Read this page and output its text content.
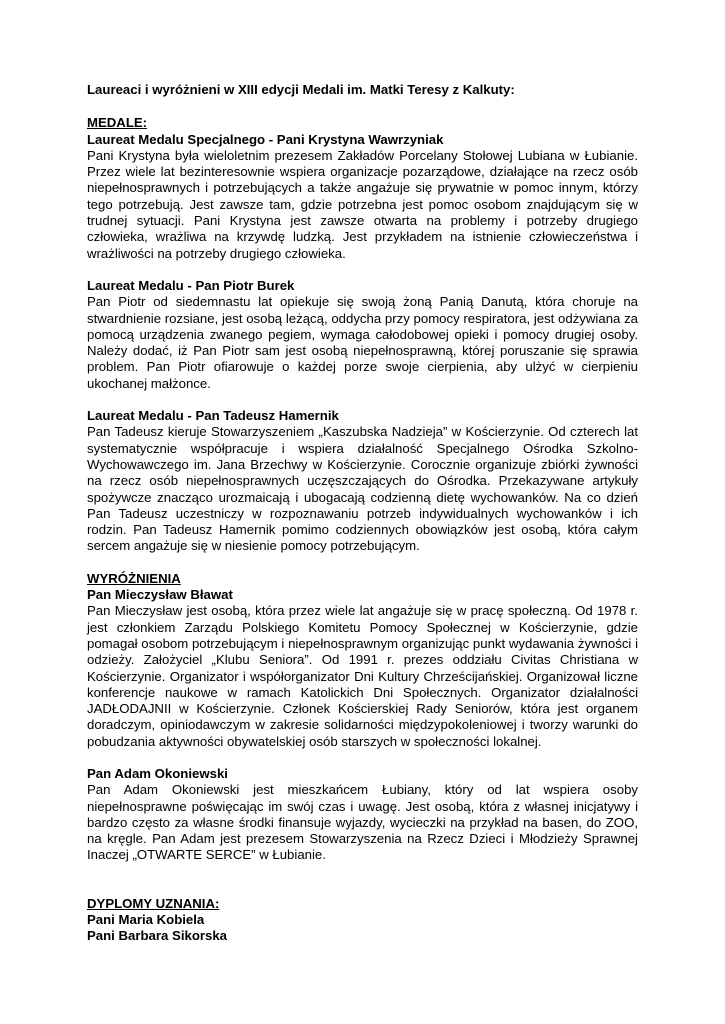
Laureaci i wyróżnieni w XIII edycji Medali im. Matki Teresy z Kalkuty:

MEDALE:

Laureat Medalu Specjalnego - Pani Krystyna Wawrzyniak

Pani Krystyna była wieloletnim prezesem Zakładów Porcelany Stołowej Lubiana w Łubianie. Przez wiele lat bezinteresownie wspiera organizacje pozarządowe, działające na rzecz osób niepełnosprawnych i potrzebujących a także angażuje się prywatnie w pomoc innym, którzy tego potrzebują. Jest zawsze tam, gdzie potrzebna jest pomoc osobom znajdującym się w trudnej sytuacji. Pani Krystyna jest zawsze otwarta na problemy i potrzeby drugiego człowieka, wrażliwa na krzywdę ludzką. Jest przykładem na istnienie człowieczeństwa i wrażliwości na potrzeby drugiego człowieka.

Laureat Medalu - Pan Piotr Burek

Pan Piotr od siedemnastu lat opiekuje się swoją żoną Panią Danutą, która choruje na stwardnienie rozsiane, jest osobą leżącą, oddycha przy pomocy respiratora, jest odżywiana za pomocą urządzenia zwanego pegiem, wymaga całodobowej opieki i pomocy drugiej osoby. Należy dodać, iż Pan Piotr sam jest osobą niepełnosprawną, której poruszanie się sprawia problem. Pan Piotr ofiarowuje o każdej porze swoje cierpienia, aby ulżyć w cierpieniu ukochanej małżonce.

Laureat Medalu - Pan Tadeusz Hamernik

Pan Tadeusz kieruje Stowarzyszeniem „Kaszubska Nadzieja” w Kościerzynie. Od czterech lat systematycznie współpracuje i wspiera działalność Specjalnego Ośrodka Szkolno-Wychowawczego im. Jana Brzechwy w Kościerzynie. Corocznie organizuje zbiórki żywności na rzecz osób niepełnosprawnych uczęszczających do Ośrodka. Przekazywane artykuły spożywcze znacząco urozmaicają i ubogacają codzienną dietę wychowanków. Na co dzień Pan Tadeusz uczestniczy w rozpoznawaniu potrzeb indywidualnych wychowanków i ich rodzin. Pan Tadeusz Hamernik pomimo codziennych obowiązków jest osobą, która całym sercem angażuje się w niesienie pomocy potrzebującym.

WYRÓŻNIENIA

Pan Mieczysław Bławat

Pan Mieczysław jest osobą, która przez wiele lat angażuje się w pracę społeczną. Od 1978 r. jest członkiem Zarządu Polskiego Komitetu Pomocy Społecznej w Kościerzynie, gdzie pomagał osobom potrzebującym i niepełnosprawnym organizując punkt wydawania żywności i odzieży. Założyciel „Klubu Seniora”. Od 1991 r. prezes oddziału Civitas Christiana w Kościerzynie. Organizator i współorganizator Dni Kultury Chrześcijańskiej. Organizował liczne konferencje naukowe w ramach Katolickich Dni Społecznych. Organizator działalności JADŁODAJNII w Kościerzynie. Członek Kościerskiej Rady Seniorów, która jest organem doradczym, opiniodawczym w zakresie solidarności międzypokoleniowej i tworzy warunki do pobudzania aktywności obywatelskiej osób starszych w społeczności lokalnej.

Pan Adam Okoniewski

Pan Adam Okoniewski jest mieszkańcem Łubiany, który od lat wspiera osoby niepełnosprawne poświęcając im swój czas i uwagę. Jest osobą, która z własnej inicjatywy i bardzo często za własne środki finansuje wyjazdy, wycieczki na przykład na basen, do ZOO, na kręgle. Pan Adam jest prezesem Stowarzyszenia na Rzecz Dzieci i Młodzieży Sprawnej Inaczej „OTWARTE SERCE” w Łubianie.

DYPLOMY UZNANIA:

Pani Maria Kobiela

Pani Barbara Sikorska
